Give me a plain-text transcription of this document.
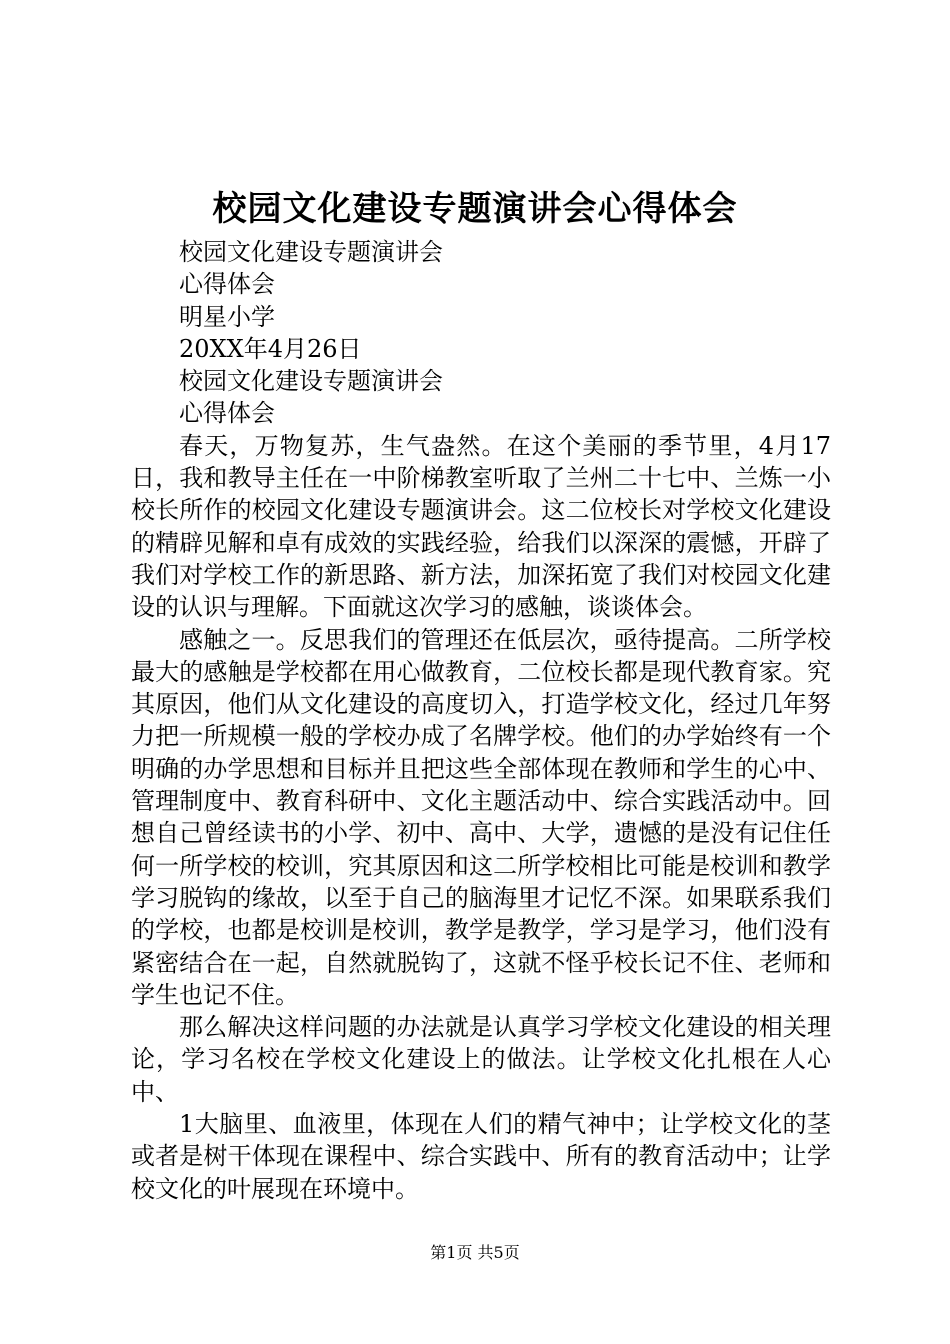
校园文化建设专题演讲会心得体会
校园文化建设专题演讲会
心得体会
明星小学
20XX年4月26日
校园文化建设专题演讲会
心得体会

春天，万物复苏，生气盎然。在这个美丽的季节里，4月17日，我和教导主任在一中阶梯教室听取了兰州二十七中、兰炼一小校长所作的校园文化建设专题演讲会。这二位校长对学校文化建设的精辟见解和卓有成效的实践经验，给我们以深深的震憾，开辟了我们对学校工作的新思路、新方法，加深拓宽了我们对校园文化建设的认识与理解。下面就这次学习的感触，谈谈体会。

感触之一。反思我们的管理还在低层次，亟待提高。二所学校最大的感触是学校都在用心做教育，二位校长都是现代教育家。究其原因，他们从文化建设的高度切入，打造学校文化，经过几年努力把一所规模一般的学校办成了名牌学校。他们的办学始终有一个明确的办学思想和目标并且把这些全部体现在教师和学生的心中、管理制度中、教育科研中、文化主题活动中、综合实践活动中。回想自己曾经读书的小学、初中、高中、大学，遗憾的是没有记住任何一所学校的校训，究其原因和这二所学校相比可能是校训和教学学习脱钩的缘故，以至于自己的脑海里才记忆不深。如果联系我们的学校，也都是校训是校训，教学是教学，学习是学习，他们没有紧密结合在一起，自然就脱钩了，这就不怪乎校长记不住、老师和学生也记不住。

那么解决这样问题的办法就是认真学习学校文化建设的相关理论，学习名校在学校文化建设上的做法。让学校文化扎根在人心中、

1大脑里、血液里，体现在人们的精气神中；让学校文化的茎或者是树干体现在课程中、综合实践中、所有的教育活动中；让学校文化的叶展现在环境中。

第1页 共5页
